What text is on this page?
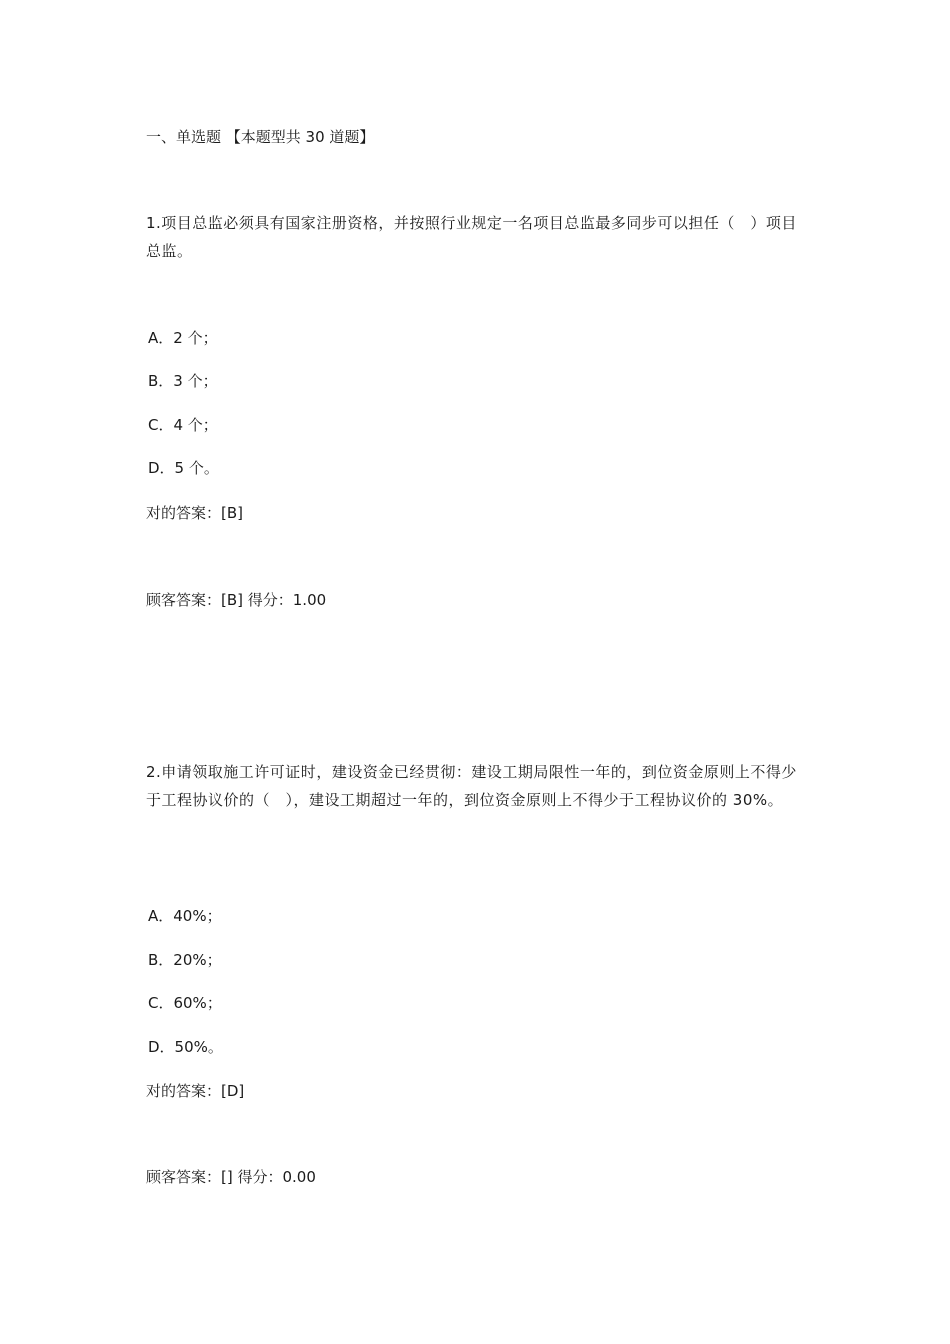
一、单选题 【本题型共 30 道题】
1.项目总监必须具有国家注册资格，并按照行业规定一名项目总监最多同步可以担任（　）项目总监。
A．2 个；
B．3 个；
C．4 个；
D．5 个。
对的答案：[B]
顾客答案：[B] 得分：1.00
2.申请领取施工许可证时，建设资金已经贯彻：建设工期局限性一年的，到位资金原则上不得少于工程协议价的（　），建设工期超过一年的，到位资金原则上不得少于工程协议价的 30%。
A．40%；
B．20%；
C．60%；
D．50%。
对的答案：[D]
顾客答案：[] 得分：0.00
